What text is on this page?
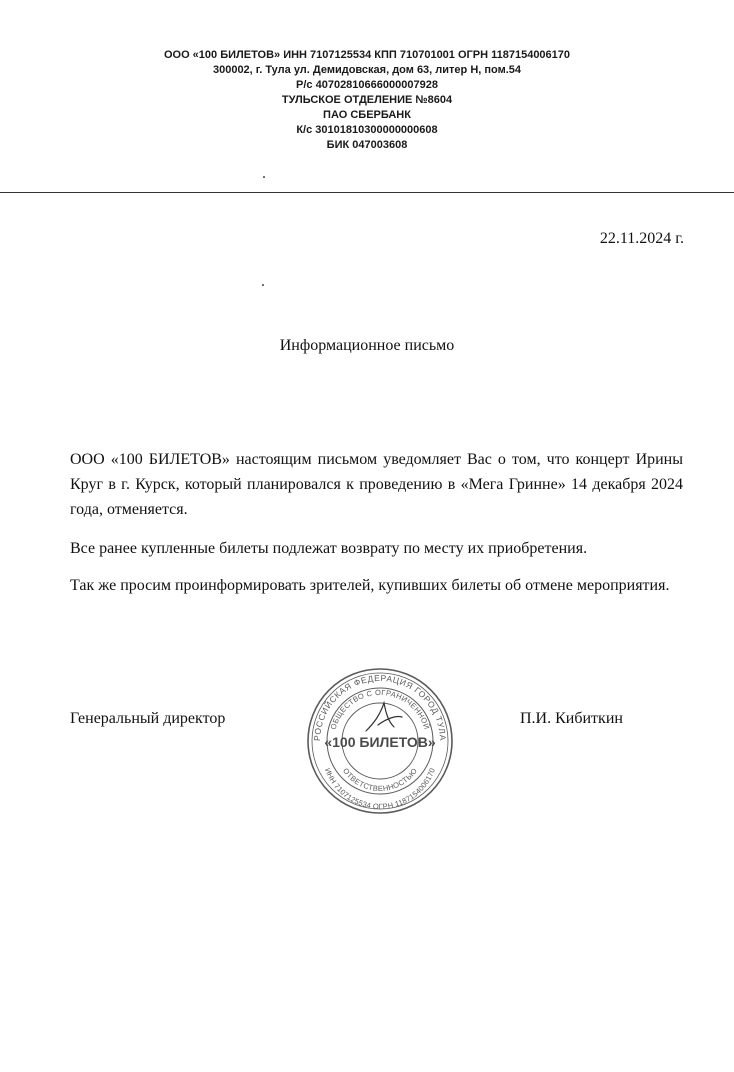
ООО «100 БИЛЕТОВ» ИНН 7107125534 КПП 710701001 ОГРН 1187154006170
300002, г. Тула ул. Демидовская, дом 63, литер Н, пом.54
Р/с 40702810666000007928
ТУЛЬСКОЕ ОТДЕЛЕНИЕ №8604
ПАО СБЕРБАНК
К/с 30101810300000000608
БИК 047003608
22.11.2024 г.
Информационное письмо
ООО «100 БИЛЕТОВ» настоящим письмом уведомляет Вас о том, что концерт Ирины Круг в г. Курск, который планировался к проведению в «Мега Гринне» 14 декабря 2024 года, отменяется.
Все ранее купленные билеты подлежат возврату по месту их приобретения.
Так же просим проинформировать зрителей, купивших билеты об отмене мероприятия.
Генеральный директор
РОССИЙСКАЯ ФЕДЕРАЦИЯ ГОРОД ТУЛА
ОБЩЕСТВО С ОГРАНИЧЕННОЙ
ОТВЕТСТВЕННОСТЬЮ
ИНН 7107125534 ОГРН 1187154006170
«100 БИЛЕТОВ»
П.И. Кибиткин
